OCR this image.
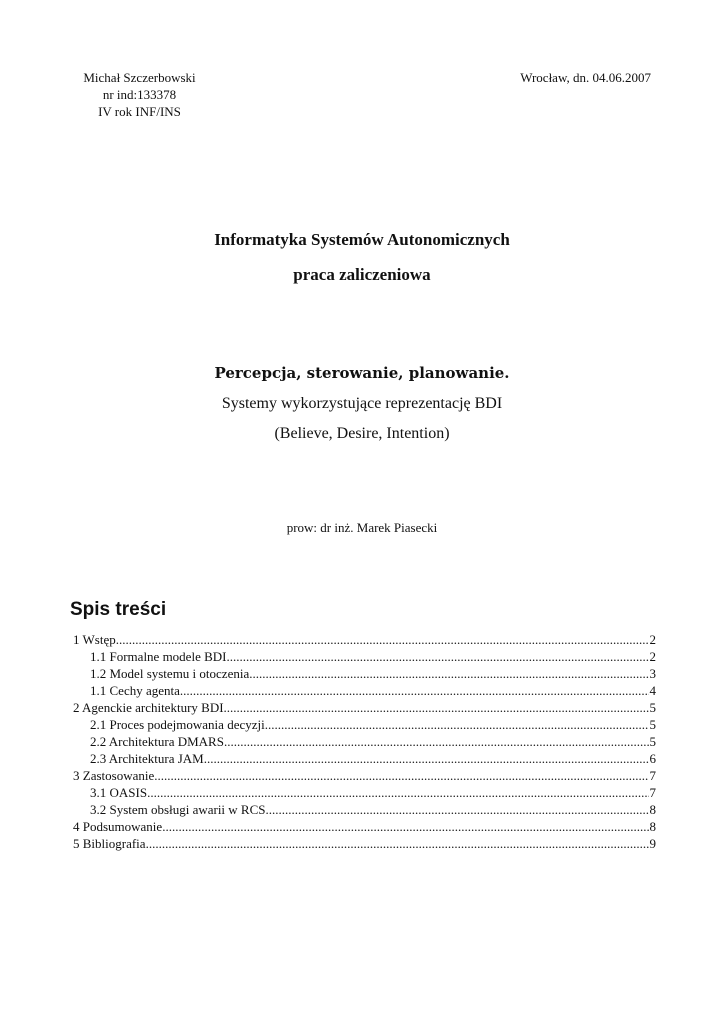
Michał Szczerbowski
nr ind:133378
IV rok INF/INS
Wrocław, dn. 04.06.2007
Informatyka Systemów Autonomicznych
praca zaliczeniowa
Percepcja, sterowanie, planowanie.
Systemy wykorzystujące reprezentację BDI
(Believe, Desire, Intention)
prow: dr inż. Marek Piasecki
Spis treści
1 Wstęp .....	2
1.1 Formalne modele BDI .....	2
1.2 Model systemu i otoczenia .....	3
1.1 Cechy agenta .....	4
2 Agenckie architektury BDI .....	5
2.1 Proces podejmowania decyzji .....	5
2.2 Architektura DMARS .....	5
2.3 Architektura JAM .....	6
3 Zastosowanie .....	7
3.1 OASIS .....	7
3.2 System obsługi awarii w RCS .....	8
4 Podsumowanie .....	8
5 Bibliografia .....	9
